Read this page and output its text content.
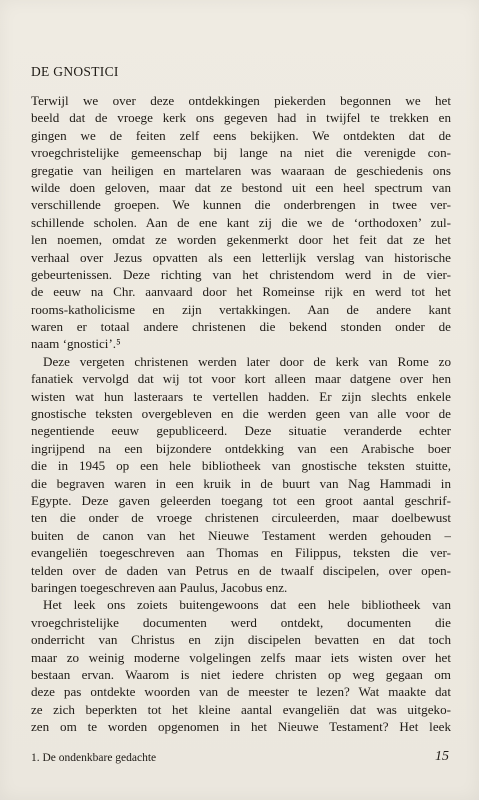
DE GNOSTICI
Terwijl we over deze ontdekkingen piekerden begonnen we het
beeld dat de vroege kerk ons gegeven had in twijfel te trekken en
gingen we de feiten zelf eens bekijken. We ontdekten dat de
vroegchristelijke gemeenschap bij lange na niet die verenigde con-
gregatie van heiligen en martelaren was waaraan de geschiedenis ons
wilde doen geloven, maar dat ze bestond uit een heel spectrum van
verschillende groepen. We kunnen die onderbrengen in twee ver-
schillende scholen. Aan de ene kant zij die we de ‘orthodoxen’ zul-
len noemen, omdat ze worden gekenmerkt door het feit dat ze het
verhaal over Jezus opvatten als een letterlijk verslag van historische
gebeurtenissen. Deze richting van het christendom werd in de vier-
de eeuw na Chr. aanvaard door het Romeinse rijk en werd tot het
rooms-katholicisme en zijn vertakkingen. Aan de andere kant
waren er totaal andere christenen die bekend stonden onder de
naam ‘gnostici’.⁵
Deze vergeten christenen werden later door de kerk van Rome zo
fanatiek vervolgd dat wij tot voor kort alleen maar datgene over hen
wisten wat hun lasteraars te vertellen hadden. Er zijn slechts enkele
gnostische teksten overgebleven en die werden geen van alle voor de
negentiende eeuw gepubliceerd. Deze situatie veranderde echter
ingrijpend na een bijzondere ontdekking van een Arabische boer
die in 1945 op een hele bibliotheek van gnostische teksten stuitte,
die begraven waren in een kruik in de buurt van Nag Hammadi in
Egypte. Deze gaven geleerden toegang tot een groot aantal geschrif-
ten die onder de vroege christenen circuleerden, maar doelbewust
buiten de canon van het Nieuwe Testament werden gehouden –
evangeliën toegeschreven aan Thomas en Filippus, teksten die ver-
telden over de daden van Petrus en de twaalf discipelen, over open-
baringen toegeschreven aan Paulus, Jacobus enz.
Het leek ons zoiets buitengewoons dat een hele bibliotheek van
vroegchristelijke documenten werd ontdekt, documenten die
onderricht van Christus en zijn discipelen bevatten en dat toch
maar zo weinig moderne volgelingen zelfs maar iets wisten over het
bestaan ervan. Waarom is niet iedere christen op weg gegaan om
deze pas ontdekte woorden van de meester te lezen? Wat maakte dat
ze zich beperkten tot het kleine aantal evangeliën dat was uitgeko-
zen om te worden opgenomen in het Nieuwe Testament? Het leek
1. De ondenkbare gedachte	15
